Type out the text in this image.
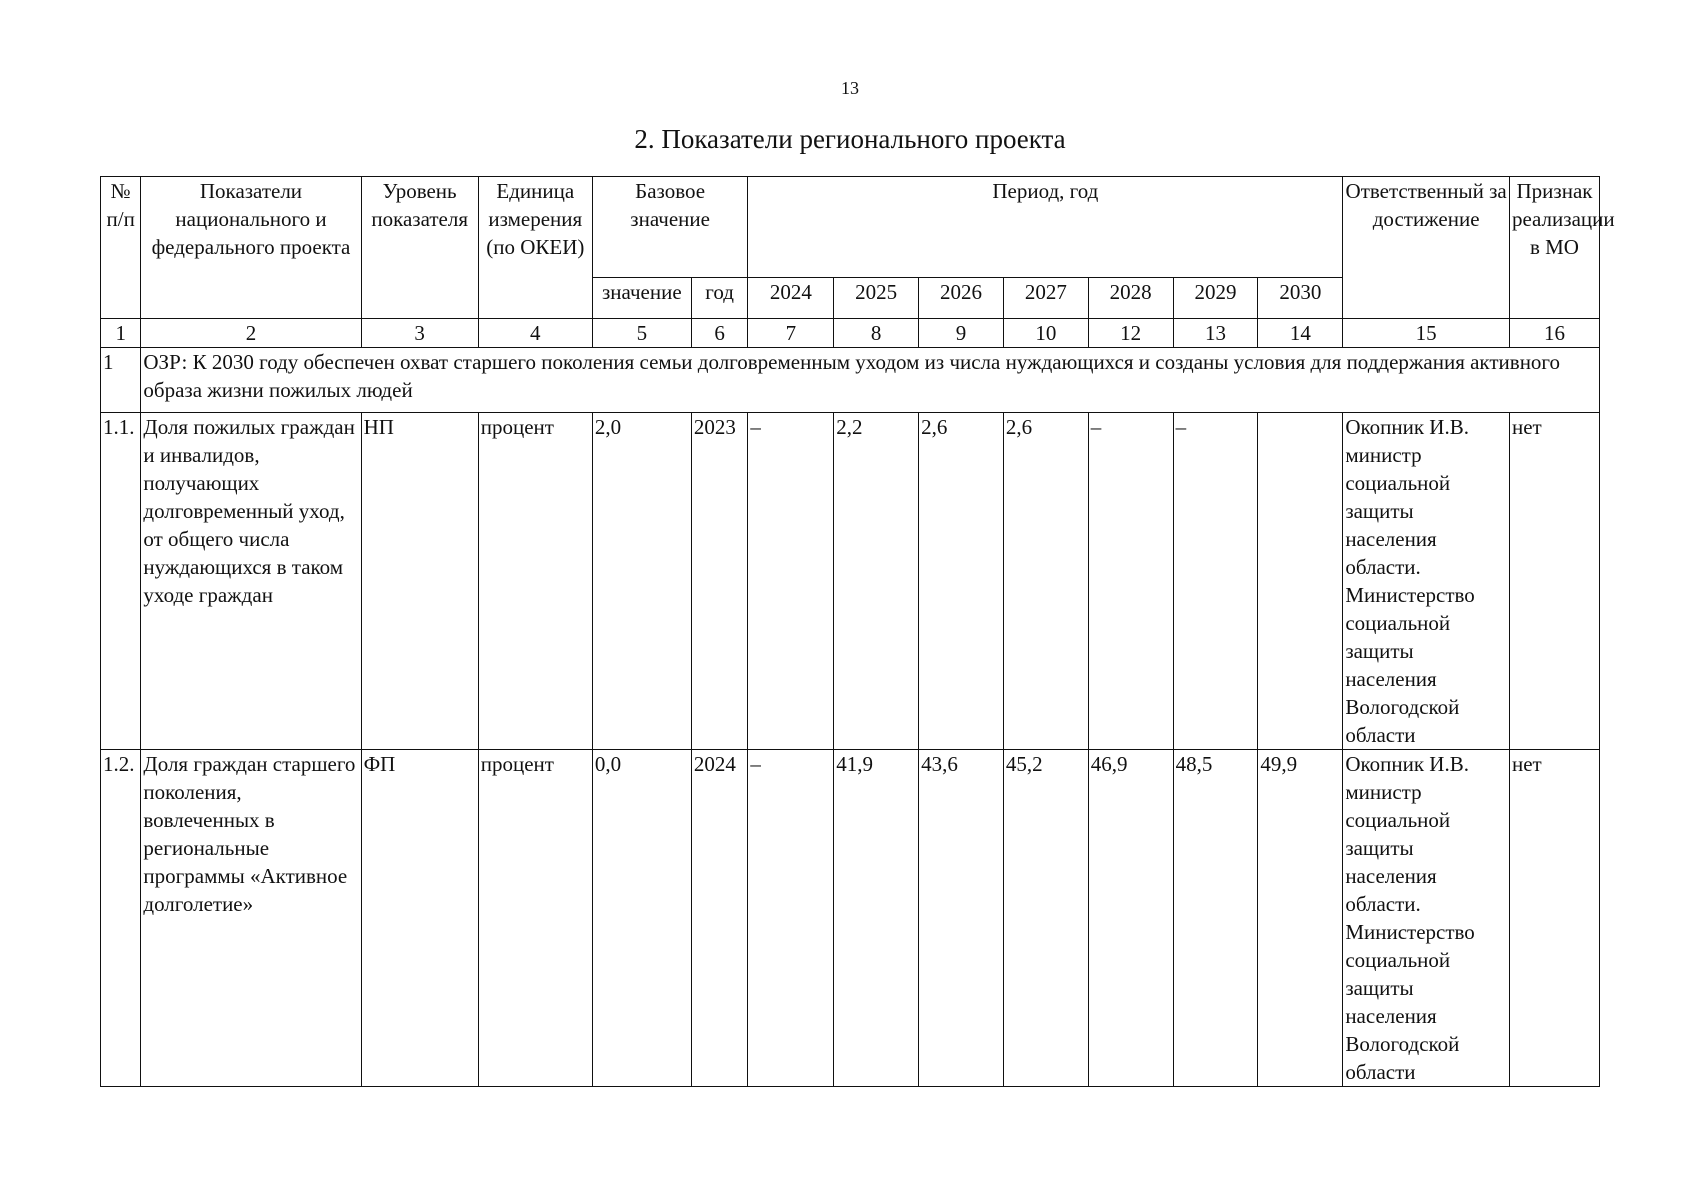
13
2. Показатели регионального проекта
№ п/п	Показатели национального и федерального проекта	Уровень показателя	Единица измерения (по ОКЕИ)	Базовое значение		Период, год							Ответственный за достижение	Признак реализации в МО
				значение	год	2024	2025	2026	2027	2028	2029	2030		
1	2	3	4	5	6	7	8	9	10	12	13	14	15	16
1	ОЗР: К 2030 году обеспечен охват старшего поколения семьи долговременным уходом из числа нуждающихся и созданы условия для поддержания активного образа жизни пожилых людей													
1.1.	Доля пожилых граждан и инвалидов, получающих долговременный уход, от общего числа нуждающихся в таком уходе граждан	НП	процент	2,0	2023	–	2,2	2,6	2,6	–	–		Окопник И.В. министр социальной защиты населения области. Министерство социальной защиты населения Вологодской области	нет
1.2.	Доля граждан старшего поколения, вовлеченных в региональные программы «Активное долголетие»	ФП	процент	0,0	2024	–	41,9	43,6	45,2	46,9	48,5	49,9	Окопник И.В. министр социальной защиты населения области. Министерство социальной защиты населения Вологодской области	нет
